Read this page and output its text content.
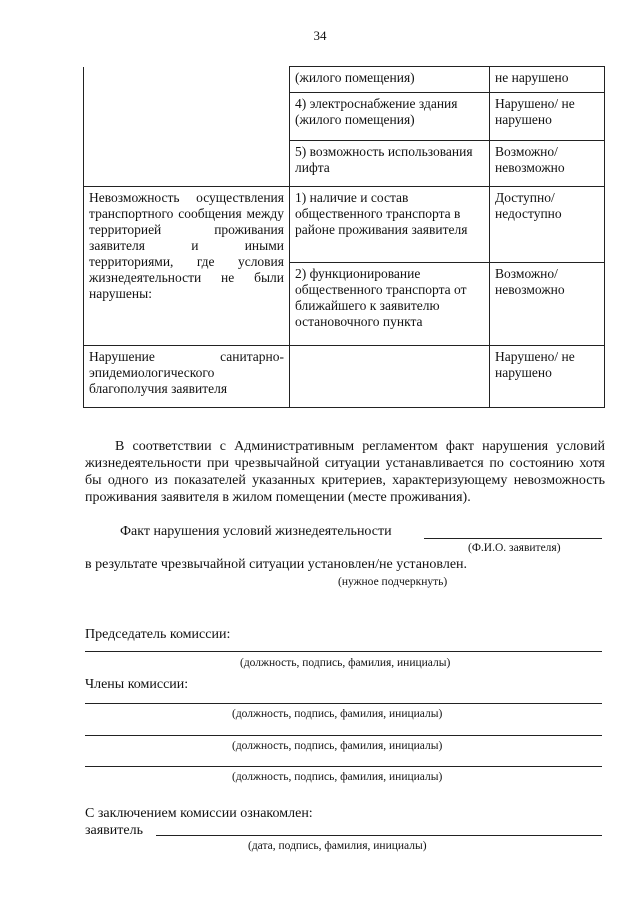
34
	(жилого помещения)	не нарушено
	4) электроснабжение здания (жилого помещения)	Нарушено/ не нарушено
	5) возможность использования лифта	Возможно/ невозможно
Невозможность осуществления транспортного сообщения между территорией проживания заявителя и иными территориями, где условия жизнедеятельности не были нарушены:	1) наличие и состав общественного транспорта в районе проживания заявителя	Доступно/ недоступно
	2) функционирование общественного транспорта от ближайшего к заявителю остановочного пункта	Возможно/ невозможно
Нарушение санитарно-эпидемиологического благополучия заявителя		Нарушено/ не нарушено
В соответствии с Административным регламентом факт нарушения условий жизнедеятельности при чрезвычайной ситуации устанавливается по состоянию хотя бы одного из показателей указанных критериев, характеризующему невозможность проживания заявителя в жилом помещении (месте проживания).
Факт нарушения условий жизнедеятельности
(Ф.И.О. заявителя)
в результате чрезвычайной ситуации установлен/не установлен.
(нужное подчеркнуть)
Председатель комиссии:
(должность, подпись, фамилия, инициалы)
Члены комиссии:
(должность, подпись, фамилия, инициалы)
(должность, подпись, фамилия, инициалы)
(должность, подпись, фамилия, инициалы)
С заключением комиссии ознакомлен:
заявитель
(дата, подпись, фамилия, инициалы)
